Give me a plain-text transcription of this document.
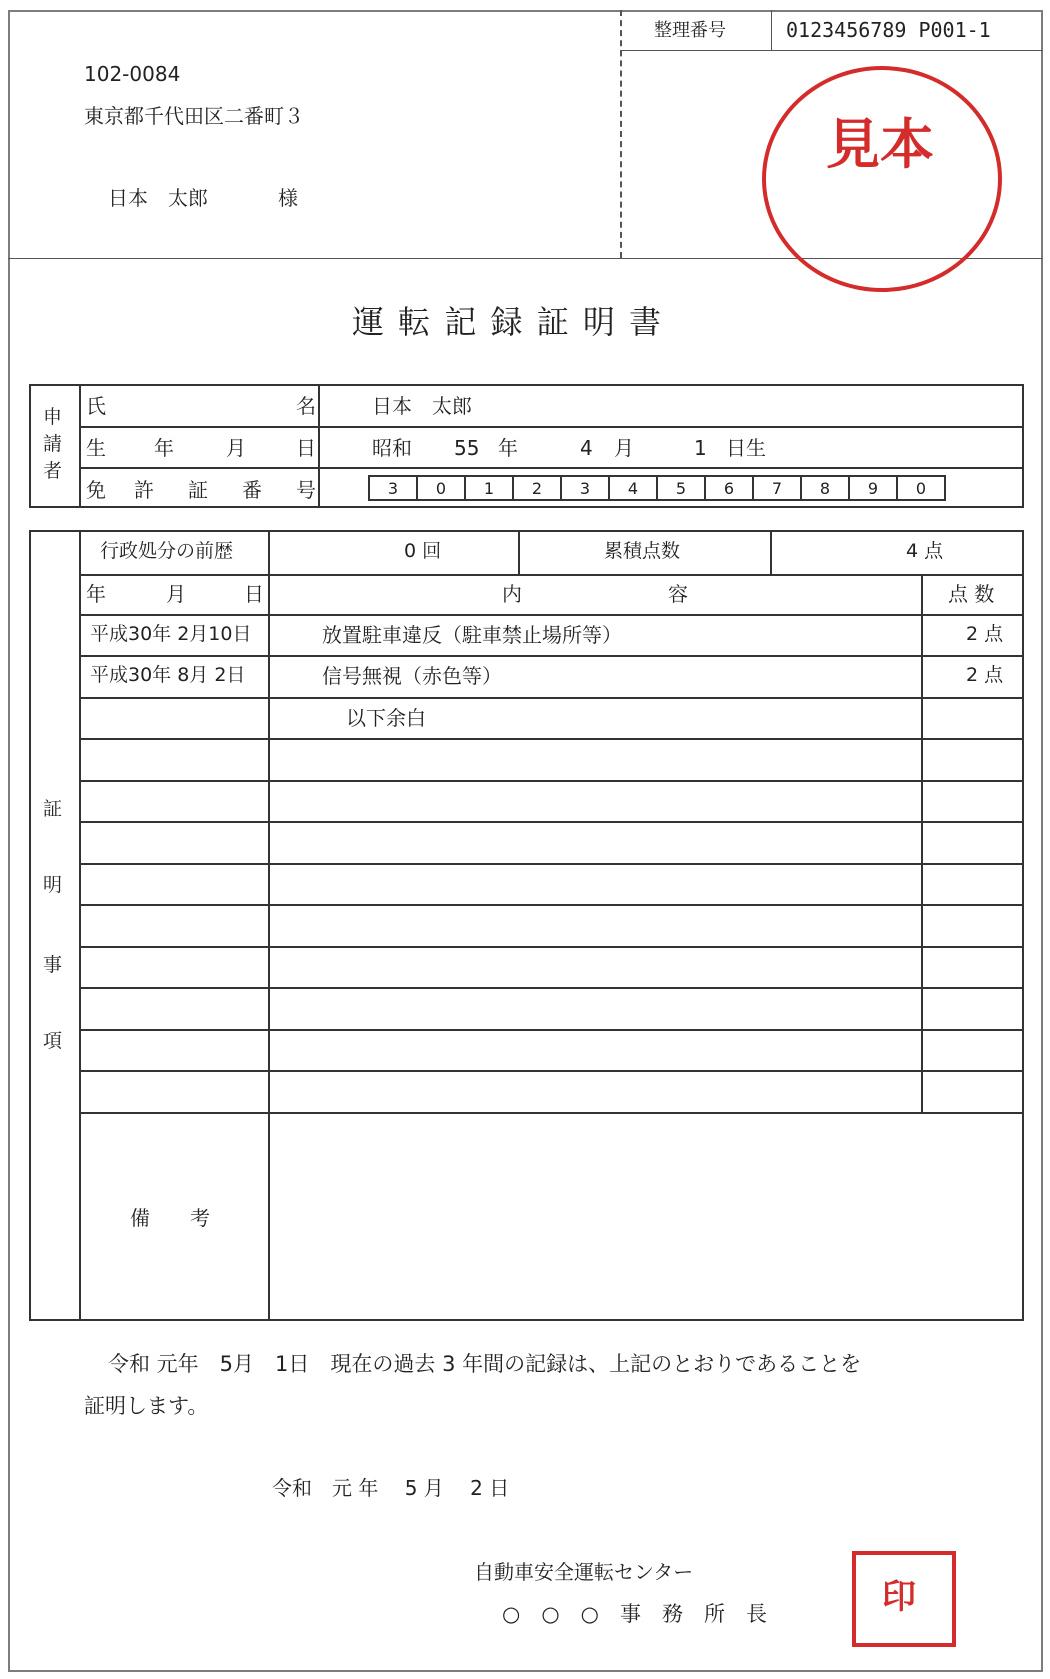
整理番号	0123456789 P001-1
102-0084
東京都千代田区二番町３
日本　太郎	様
見本
運 転 記 録 証 明 書
申
請
者
氏	名	日本　太郎
生 年	月	日	昭和 55 年	4 月	1 日生
免 許 証 番 号	3	0	1	2	3	4	5	6	7	8	9	0
証
明
事
項
行政処分の前歴	0 回	累積点数	4 点
年	月	日	内	容	点 数
平成30年 2月10日	放置駐車違反（駐車禁止場所等）	2 点
平成30年 8月 2日	信号無視（赤色等）	2 点
以下余白
備　　考
令和 元年　5月　1日　現在の過去 3 年間の記録は、上記のとおりであることを
証明します。
令和　元 年　 5 月　 2 日
自動車安全運転センター
○　○　○　事　務　所　長	印
